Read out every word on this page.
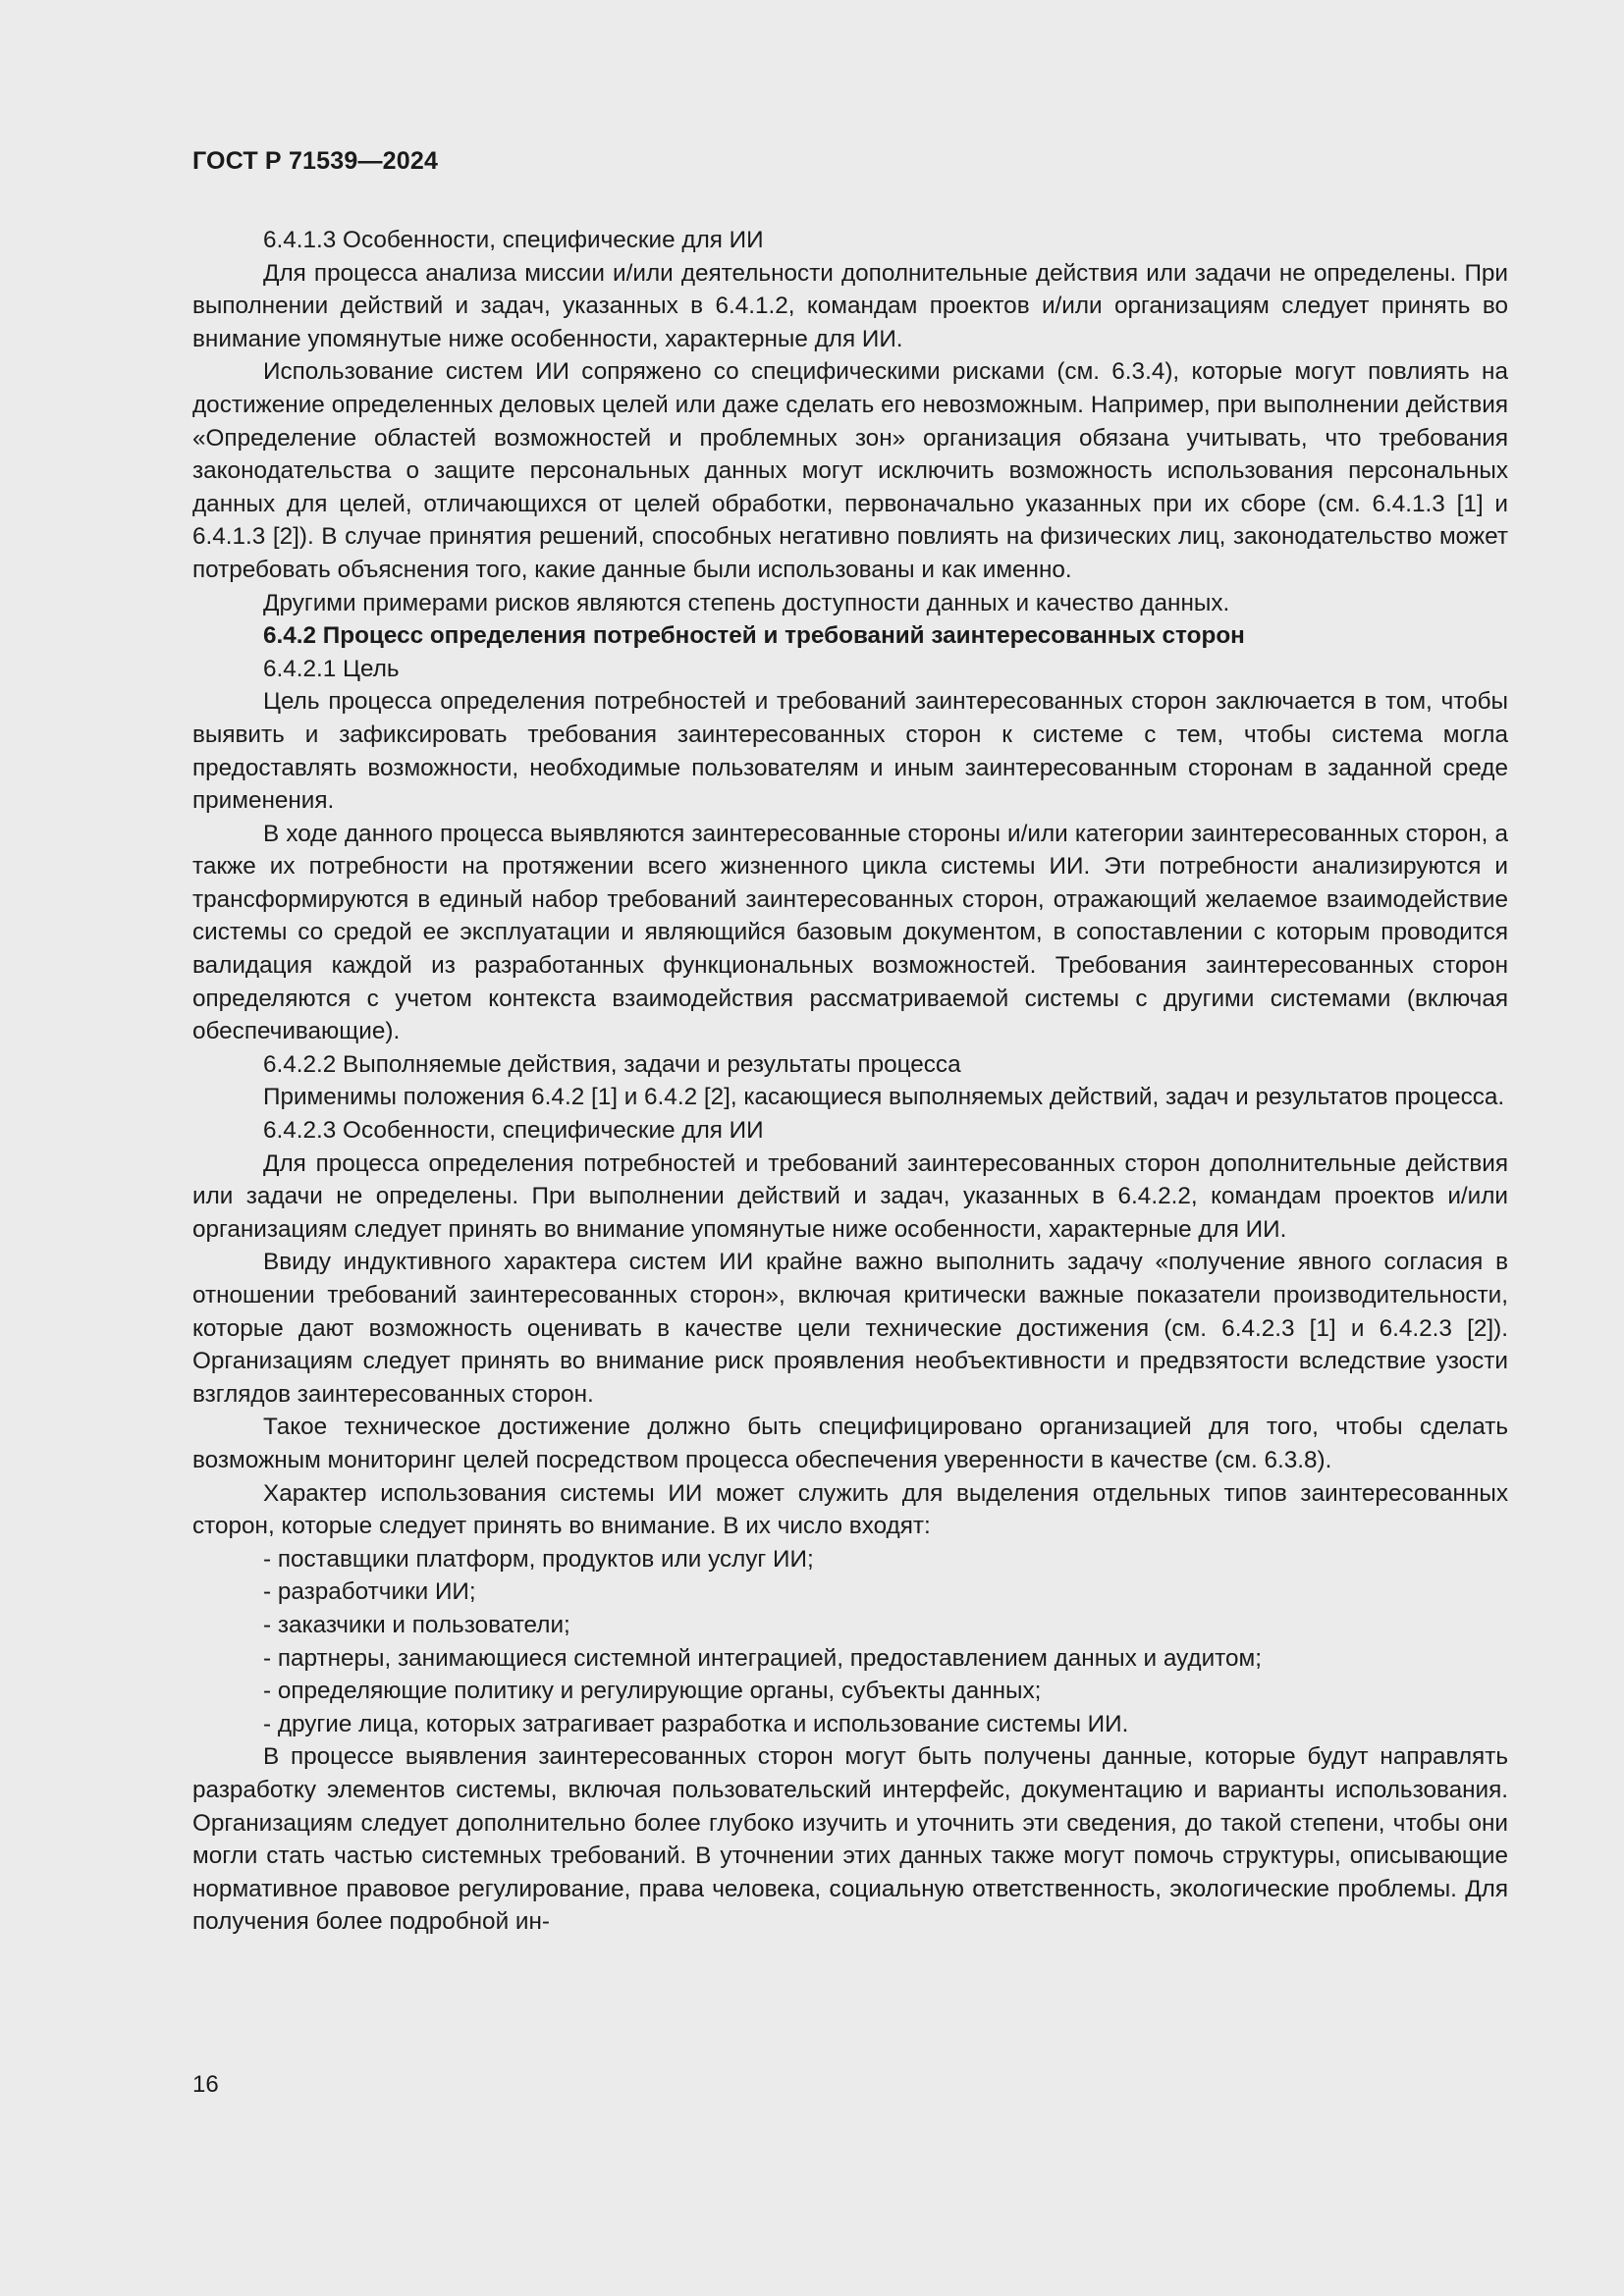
ГОСТ Р 71539—2024

6.4.1.3 Особенности, специфические для ИИ

Для процесса анализа миссии и/или деятельности дополнительные действия или задачи не определены. При выполнении действий и задач, указанных в 6.4.1.2, командам проектов и/или организациям следует принять во внимание упомянутые ниже особенности, характерные для ИИ.

Использование систем ИИ сопряжено со специфическими рисками (см. 6.3.4), которые могут повлиять на достижение определенных деловых целей или даже сделать его невозможным. Например, при выполнении действия «Определение областей возможностей и проблемных зон» организация обязана учитывать, что требования законодательства о защите персональных данных могут исключить возможность использования персональных данных для целей, отличающихся от целей обработки, первоначально указанных при их сборе (см. 6.4.1.3 [1] и 6.4.1.3 [2]). В случае принятия решений, способных негативно повлиять на физических лиц, законодательство может потребовать объяснения того, какие данные были использованы и как именно.

Другими примерами рисков являются степень доступности данных и качество данных.

6.4.2 Процесс определения потребностей и требований заинтересованных сторон

6.4.2.1 Цель

Цель процесса определения потребностей и требований заинтересованных сторон заключается в том, чтобы выявить и зафиксировать требования заинтересованных сторон к системе с тем, чтобы система могла предоставлять возможности, необходимые пользователям и иным заинтересованным сторонам в заданной среде применения.

В ходе данного процесса выявляются заинтересованные стороны и/или категории заинтересованных сторон, а также их потребности на протяжении всего жизненного цикла системы ИИ. Эти потребности анализируются и трансформируются в единый набор требований заинтересованных сторон, отражающий желаемое взаимодействие системы со средой ее эксплуатации и являющийся базовым документом, в сопоставлении с которым проводится валидация каждой из разработанных функциональных возможностей. Требования заинтересованных сторон определяются с учетом контекста взаимодействия рассматриваемой системы с другими системами (включая обеспечивающие).

6.4.2.2 Выполняемые действия, задачи и результаты процесса

Применимы положения 6.4.2 [1] и 6.4.2 [2], касающиеся выполняемых действий, задач и результатов процесса.

6.4.2.3 Особенности, специфические для ИИ

Для процесса определения потребностей и требований заинтересованных сторон дополнительные действия или задачи не определены. При выполнении действий и задач, указанных в 6.4.2.2, командам проектов и/или организациям следует принять во внимание упомянутые ниже особенности, характерные для ИИ.

Ввиду индуктивного характера систем ИИ крайне важно выполнить задачу «получение явного согласия в отношении требований заинтересованных сторон», включая критически важные показатели производительности, которые дают возможность оценивать в качестве цели технические достижения (см. 6.4.2.3 [1] и 6.4.2.3 [2]). Организациям следует принять во внимание риск проявления необъективности и предвзятости вследствие узости взглядов заинтересованных сторон.

Такое техническое достижение должно быть специфицировано организацией для того, чтобы сделать возможным мониторинг целей посредством процесса обеспечения уверенности в качестве (см. 6.3.8).

Характер использования системы ИИ может служить для выделения отдельных типов заинтересованных сторон, которые следует принять во внимание. В их число входят:

- поставщики платформ, продуктов или услуг ИИ;

- разработчики ИИ;

- заказчики и пользователи;

- партнеры, занимающиеся системной интеграцией, предоставлением данных и аудитом;

- определяющие политику и регулирующие органы, субъекты данных;

- другие лица, которых затрагивает разработка и использование системы ИИ.

В процессе выявления заинтересованных сторон могут быть получены данные, которые будут направлять разработку элементов системы, включая пользовательский интерфейс, документацию и варианты использования. Организациям следует дополнительно более глубоко изучить и уточнить эти сведения, до такой степени, чтобы они могли стать частью системных требований. В уточнении этих данных также могут помочь структуры, описывающие нормативное правовое регулирование, права человека, социальную ответственность, экологические проблемы. Для получения более подробной ин-

16
